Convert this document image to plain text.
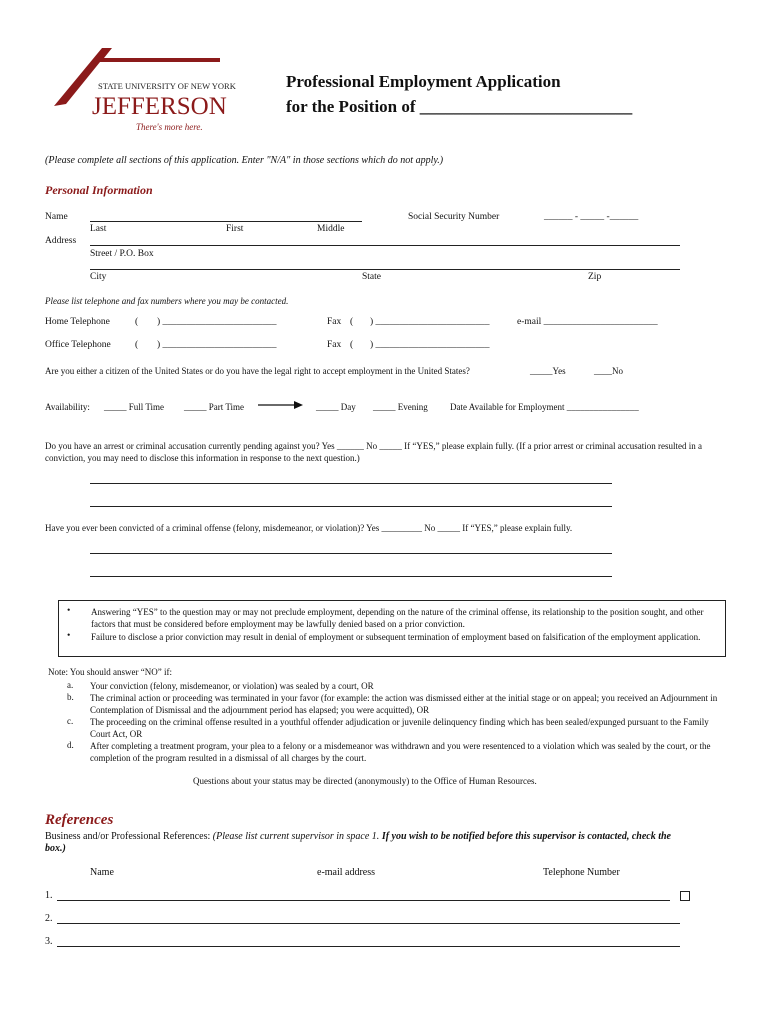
STATE UNIVERSITY OF NEW YORK
JEFFERSON
There's more here.
Professional Employment Application
for the Position of _________________________
(Please complete all sections of this application. Enter "N/A" in those sections which do not apply.)
Personal Information
Name
Last	First	Middle
Social Security Number	______ - _____ -______
Address
Street / P.O. Box
City	State	Zip
Please list telephone and fax numbers where you may be contacted.
Home Telephone	( ) ________________________	Fax ( ) ________________________	e-mail ________________________
Office Telephone	( ) ________________________	Fax ( ) ________________________
Are you either a citizen of the United States or do you have the legal right to accept employment in the United States?	_____Yes	____No
Availability: _____ Full Time _____ Part Time	_____ Day _____ Evening Date Available for Employment ________________
Do you have an arrest or criminal accusation currently pending against you? Yes ______ No _____ If “YES,” please explain fully. (If a prior arrest or criminal accusation resulted in a conviction, you may need to disclose this information in response to the next question.)
Have you ever been convicted of a criminal offense (felony, misdemeanor, or violation)? Yes _________ No _____ If “YES,” please explain fully.
• Answering “YES” to the question may or may not preclude employment, depending on the nature of the criminal offense, its relationship to the position sought, and other factors that must be considered before employment may be lawfully denied based on a prior conviction.
• Failure to disclose a prior conviction may result in denial of employment or subsequent termination of employment based on falsification of the employment application.
Note: You should answer “NO” if:
a. Your conviction (felony, misdemeanor, or violation) was sealed by a court, OR
b. The criminal action or proceeding was terminated in your favor (for example: the action was dismissed either at the initial stage or on appeal; you received an Adjournment in Contemplation of Dismissal and the adjournment period has elapsed; you were acquitted), OR
c. The proceeding on the criminal offense resulted in a youthful offender adjudication or juvenile delinquency finding which has been sealed/expunged pursuant to the Family Court Act, OR
d. After completing a treatment program, your plea to a felony or a misdemeanor was withdrawn and you were resentenced to a violation which was sealed by the court, or the completion of the program resulted in a dismissal of all charges by the court.
Questions about your status may be directed (anonymously) to the Office of Human Resources.
References
Business and/or Professional References: (Please list current supervisor in space 1. If you wish to be notified before this supervisor is contacted, check the box.)
Name	e-mail address	Telephone Number
1.
2.
3.
